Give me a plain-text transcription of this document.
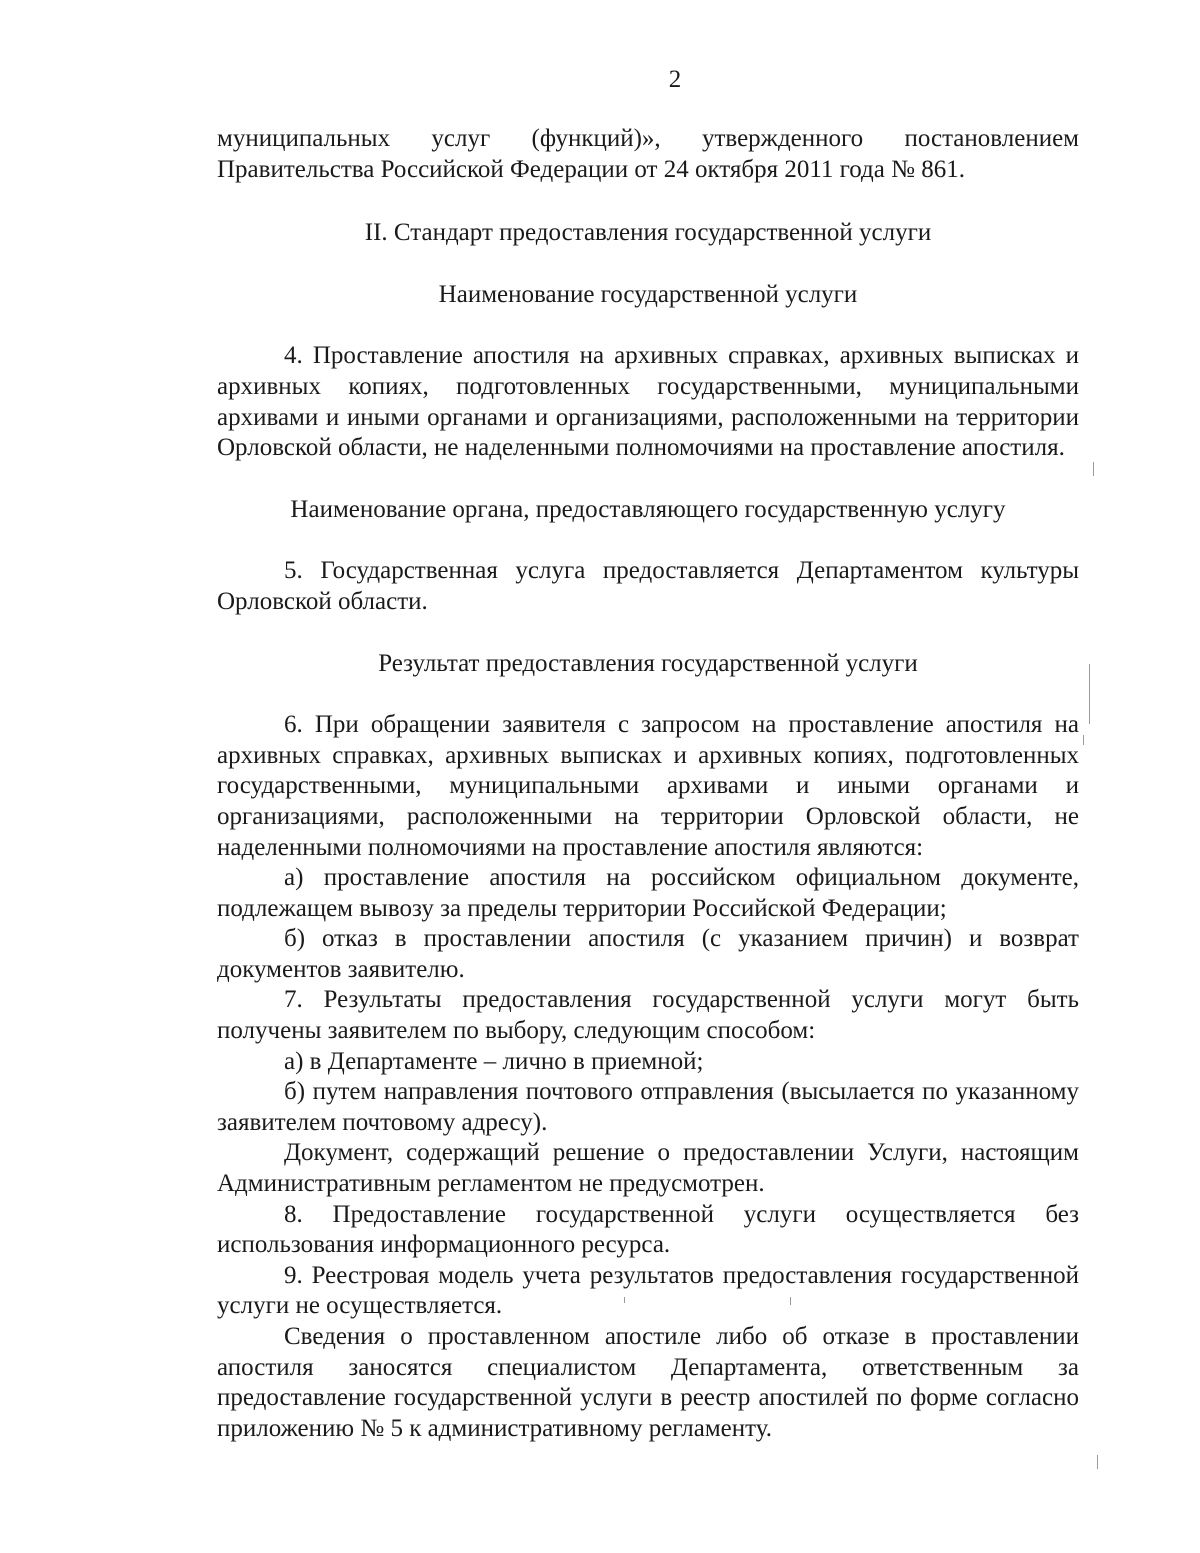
2

муниципальных услуг (функций)», утвержденного постановлением Правительства Российской Федерации от 24 октября 2011 года № 861.

II. Стандарт предоставления государственной услуги

Наименование государственной услуги

4. Проставление апостиля на архивных справках, архивных выписках и архивных копиях, подготовленных государственными, муниципальными архивами и иными органами и организациями, расположенными на территории Орловской области, не наделенными полномочиями на проставление апостиля.

Наименование органа, предоставляющего государственную услугу

5. Государственная услуга предоставляется Департаментом культуры Орловской области.

Результат предоставления государственной услуги

6. При обращении заявителя с запросом на проставление апостиля на архивных справках, архивных выписках и архивных копиях, подготовленных государственными, муниципальными архивами и иными органами и организациями, расположенными на территории Орловской области, не наделенными полномочиями на проставление апостиля являются:

а) проставление апостиля на российском официальном документе, подлежащем вывозу за пределы территории Российской Федерации;

б) отказ в проставлении апостиля (с указанием причин) и возврат документов заявителю.

7. Результаты предоставления государственной услуги могут быть получены заявителем по выбору, следующим способом:

а) в Департаменте – лично в приемной;

б) путем направления почтового отправления (высылается по указанному заявителем почтовому адресу).

Документ, содержащий решение о предоставлении Услуги, настоящим Административным регламентом не предусмотрен.

8. Предоставление государственной услуги осуществляется без использования информационного ресурса.

9. Реестровая модель учета результатов предоставления государственной услуги не осуществляется.

Сведения о проставленном апостиле либо об отказе в проставлении апостиля заносятся специалистом Департамента, ответственным за предоставление государственной услуги в реестр апостилей по форме согласно приложению № 5 к административному регламенту.
